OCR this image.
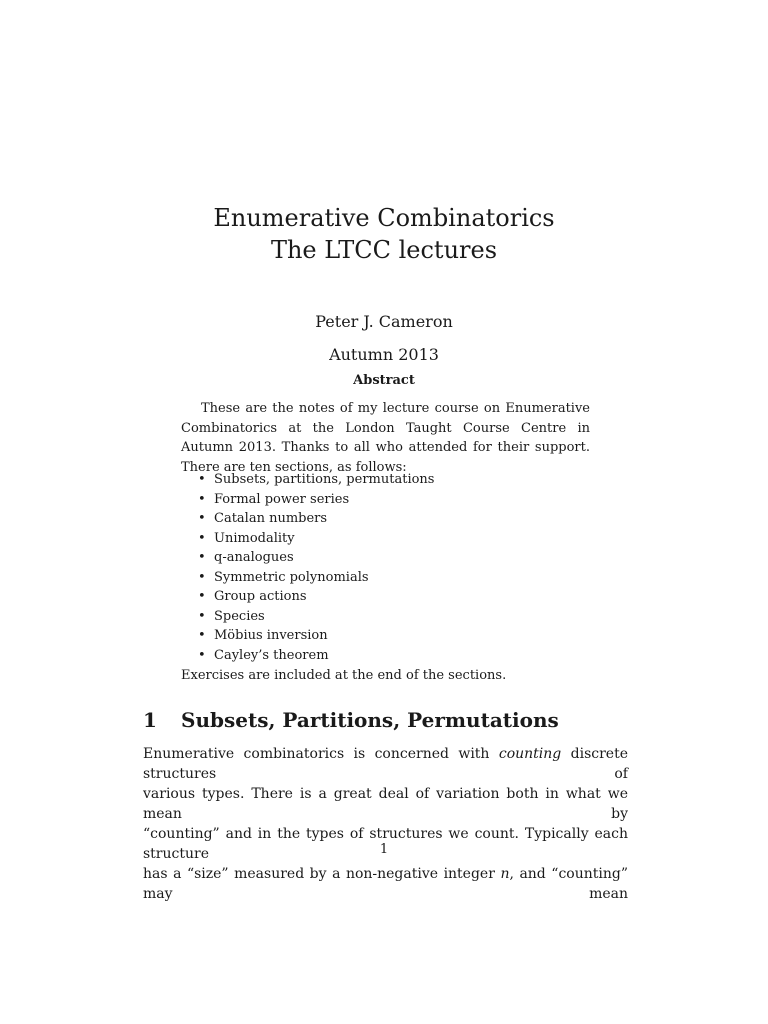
Enumerative Combinatorics
The LTCC lectures
Peter J. Cameron
Autumn 2013
Abstract

These are the notes of my lecture course on Enumerative Combinatorics at the London Taught Course Centre in Autumn 2013. Thanks to all who attended for their support. There are ten sections, as follows:

• Subsets, partitions, permutations
• Formal power series
• Catalan numbers
• Unimodality
• q-analogues
• Symmetric polynomials
• Group actions
• Species
• Möbius inversion
• Cayley’s theorem
Exercises are included at the end of the sections.
1 Subsets, Partitions, Permutations
Enumerative combinatorics is concerned with counting discrete structures of
various types. There is a great deal of variation both in what we mean by
“counting” and in the types of structures we count. Typically each structure
has a “size” measured by a non-negative integer n, and “counting” may mean
1
